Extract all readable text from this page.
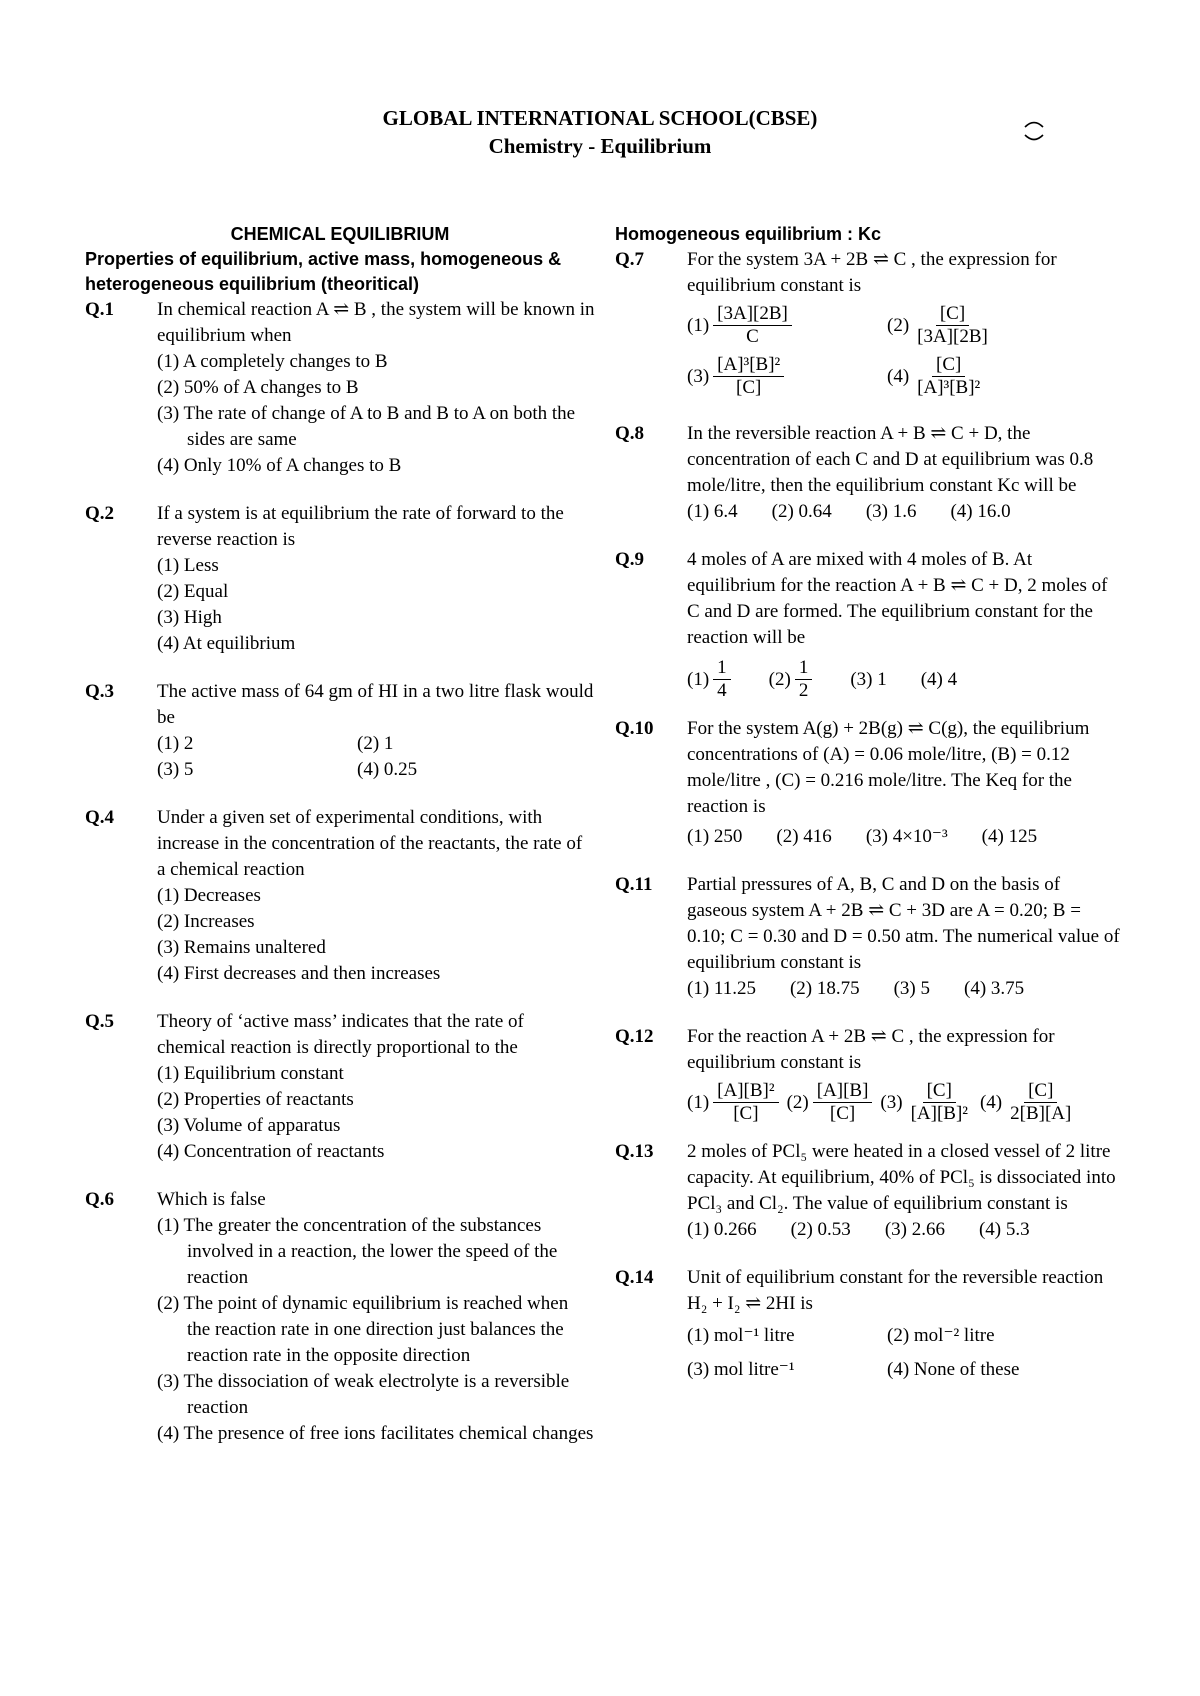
GLOBAL INTERNATIONAL SCHOOL(CBSE)
Chemistry - Equilibrium
CHEMICAL EQUILIBRIUM
Properties of equilibrium, active mass, homogeneous & heterogeneous equilibrium (theoritical)
Q.1 In chemical reaction A ⇌ B , the system will be known in equilibrium when
(1) A completely changes to B
(2) 50% of A changes to B
(3) The rate of change of A to B and B to A on both the sides are same
(4) Only 10% of A changes to B
Q.2 If a system is at equilibrium the rate of forward to the reverse reaction is
(1) Less
(2) Equal
(3) High
(4) At equilibrium
Q.3 The active mass of 64 gm of HI in a two litre flask would be
(1) 2	(2) 1
(3) 5	(4) 0.25
Q.4 Under a given set of experimental conditions, with increase in the concentration of the reactants, the rate of a chemical reaction
(1) Decreases
(2) Increases
(3) Remains unaltered
(4) First decreases and then increases
Q.5 Theory of ‘active mass’ indicates that the rate of chemical reaction is directly proportional to the
(1) Equilibrium constant
(2) Properties of reactants
(3) Volume of apparatus
(4) Concentration of reactants
Q.6 Which is false
(1) The greater the concentration of the substances involved in a reaction, the lower the speed of the reaction
(2) The point of dynamic equilibrium is reached when the reaction rate in one direction just balances the reaction rate in the opposite direction
(3) The dissociation of weak electrolyte is a reversible reaction
(4) The presence of free ions facilitates chemical changes
Homogeneous equilibrium : Kc
Q.7 For the system 3A + 2B ⇌ C , the expression for equilibrium constant is
$(1) \frac{[3A][2B]}{C}$	$(2) \frac{[C]}{[3A][2B]}$
$(3) \frac{\text{[A]³[B]²}}{[C]}$	$(4) \frac{[C]}{\text{[A]³[B]²}}$
Q.8 In the reversible reaction A + B ⇌ C + D, the concentration of each C and D at equilibrium was 0.8 mole/litre, then the equilibrium constant Kc will be
(1) 6.4 (2) 0.64 (3) 1.6 (4) 16.0
Q.9 4 moles of A are mixed with 4 moles of B. At equilibrium for the reaction A + B ⇌ C + D, 2 moles of C and D are formed. The equilibrium constant for the reaction will be
$(1) \frac{1}{4} (2) \frac{1}{2} (3)$ 1 (4) 4
Q.10 For the system A(g) + 2B(g) ⇌ C(g), the equilibrium concentrations of (A) = 0.06 mole/litre, (B) = 0.12 mole/litre , (C) = 0.216 mole/litre. The Keq for the reaction is
(1) 250 (2) 416 (3) 4×10⁻³ (4) 125
Q.11 Partial pressures of A, B, C and D on the basis of gaseous system A + 2B ⇌ C + 3D are A = 0.20; B = 0.10; C = 0.30 and D = 0.50 atm. The numerical value of equilibrium constant is
(1) 11.25 (2) 18.75 (3) 5 (4) 3.75
Q.12 For the reaction A + 2B ⇌ C , the expression for equilibrium constant is
$(1) \frac{\text{[A][B]²}}{[C]} (2) \frac{[A][B]}{[C]} (3) \frac{[C]}{\text{[A][B]²}} (4) \frac{[C]}{2[B][A]}$
Q.13 2 moles of PCl₅ were heated in a closed vessel of 2 litre capacity. At equilibrium, 40% of PCl₅ is dissociated into PCl₃ and Cl₂. The value of equilibrium constant is
(1) 0.266 (2) 0.53 (3) 2.66 (4) 5.3
Q.14 Unit of equilibrium constant for the reversible reaction H₂ + I₂ ⇌ 2HI is
(1) mol⁻¹ litre	(2) mol⁻² litre
(3) mol litre⁻¹	(4) None of these
